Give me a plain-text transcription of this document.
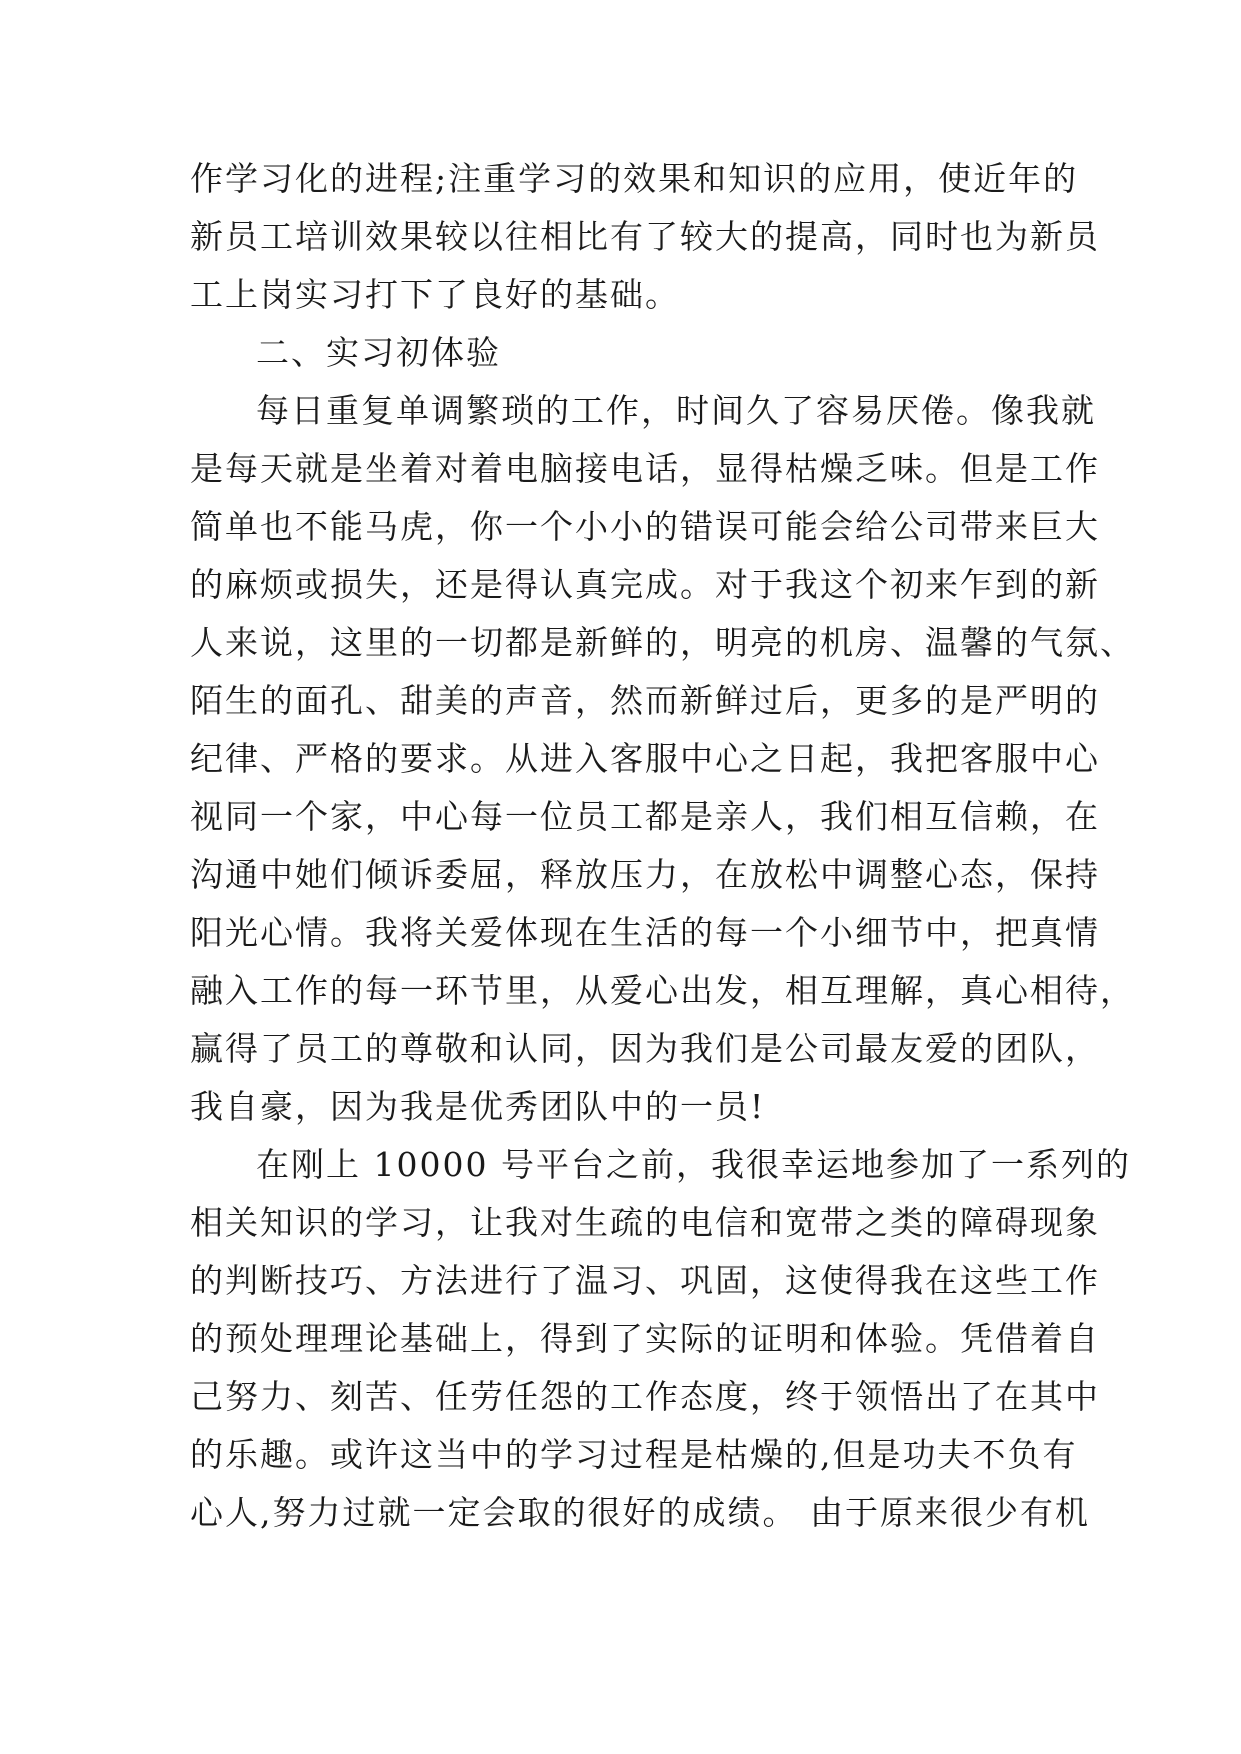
作学习化的进程;注重学习的效果和知识的应用，使近年的
新员工培训效果较以往相比有了较大的提高，同时也为新员
工上岗实习打下了良好的基础。
二、实习初体验
每日重复单调繁琐的工作，时间久了容易厌倦。像我就
是每天就是坐着对着电脑接电话，显得枯燥乏味。但是工作
简单也不能马虎，你一个小小的错误可能会给公司带来巨大
的麻烦或损失，还是得认真完成。对于我这个初来乍到的新
人来说，这里的一切都是新鲜的，明亮的机房、温馨的气氛、
陌生的面孔、甜美的声音，然而新鲜过后，更多的是严明的
纪律、严格的要求。从进入客服中心之日起，我把客服中心
视同一个家，中心每一位员工都是亲人，我们相互信赖，在
沟通中她们倾诉委屈，释放压力，在放松中调整心态，保持
阳光心情。我将关爱体现在生活的每一个小细节中，把真情
融入工作的每一环节里，从爱心出发，相互理解，真心相待，
赢得了员工的尊敬和认同，因为我们是公司最友爱的团队，
我自豪，因为我是优秀团队中的一员!
在刚上 10000 号平台之前，我很幸运地参加了一系列的
相关知识的学习，让我对生疏的电信和宽带之类的障碍现象
的判断技巧、方法进行了温习、巩固，这使得我在这些工作
的预处理理论基础上，得到了实际的证明和体验。凭借着自
己努力、刻苦、任劳任怨的工作态度，终于领悟出了在其中
的乐趣。或许这当中的学习过程是枯燥的,但是功夫不负有
心人,努力过就一定会取的很好的成绩。 由于原来很少有机
